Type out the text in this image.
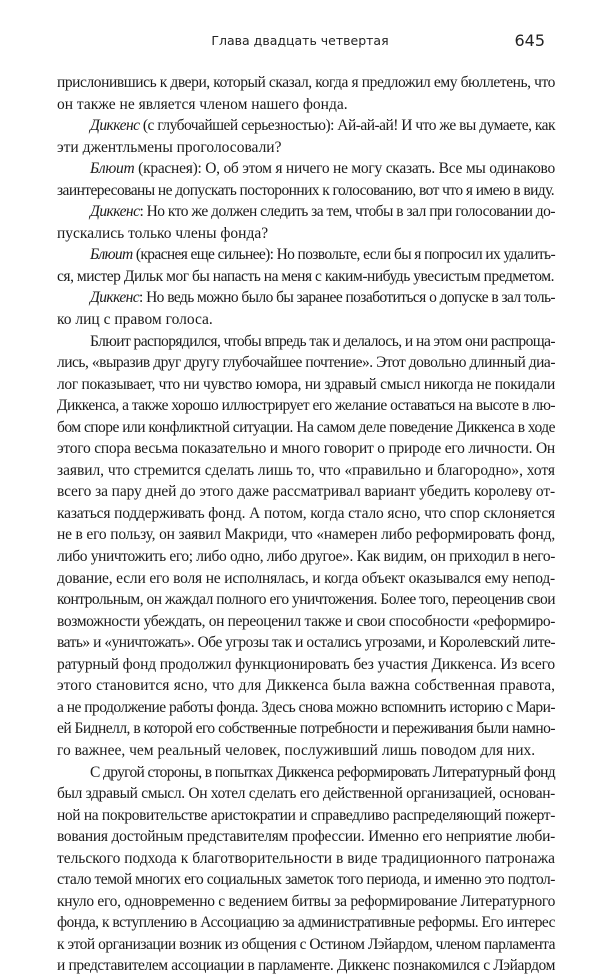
Глава двадцать четвертая	645
прислонившись к двери, который сказал, когда я предложил ему бюллетень, что
он также не является членом нашего фонда.
Диккенс (с глубочайшей серьезностью): Ай-ай-ай! И что же вы думаете, как
эти джентльмены проголосовали?
Блюит (краснея): О, об этом я ничего не могу сказать. Все мы одинаково
заинтересованы не допускать посторонних к голосованию, вот что я имею в виду.
Диккенс: Но кто же должен следить за тем, чтобы в зал при голосовании до-
пускались только члены фонда?
Блюит (краснея еще сильнее): Но позвольте, если бы я попросил их удалить-
ся, мистер Дильк мог бы напасть на меня с каким-нибудь увесистым предметом.
Диккенс: Но ведь можно было бы заранее позаботиться о допуске в зал толь-
ко лиц с правом голоса.
Блюит распорядился, чтобы впредь так и делалось, и на этом они распроща-
лись, «выразив друг другу глубочайшее почтение». Этот довольно длинный диа-
лог показывает, что ни чувство юмора, ни здравый смысл никогда не покидали
Диккенса, а также хорошо иллюстрирует его желание оставаться на высоте в лю-
бом споре или конфликтной ситуации. На самом деле поведение Диккенса в ходе
этого спора весьма показательно и много говорит о природе его личности. Он
заявил, что стремится сделать лишь то, что «правильно и благородно», хотя
всего за пару дней до этого даже рассматривал вариант убедить королеву от-
казаться поддерживать фонд. А потом, когда стало ясно, что спор склоняется
не в его пользу, он заявил Макриди, что «намерен либо реформировать фонд,
либо уничтожить его; либо одно, либо другое». Как видим, он приходил в него-
дование, если его воля не исполнялась, и когда объект оказывался ему непод-
контрольным, он жаждал полного его уничтожения. Более того, переоценив свои
возможности убеждать, он переоценил также и свои способности «реформиро-
вать» и «уничтожать». Обе угрозы так и остались угрозами, и Королевский лите-
ратурный фонд продолжил функционировать без участия Диккенса. Из всего
этого становится ясно, что для Диккенса была важна собственная правота,
а не продолжение работы фонда. Здесь снова можно вспомнить историю с Мари-
ей Биднелл, в которой его собственные потребности и переживания были намно-
го важнее, чем реальный человек, послуживший лишь поводом для них.
С другой стороны, в попытках Диккенса реформировать Литературный фонд
был здравый смысл. Он хотел сделать его действенной организацией, основан-
ной на покровительстве аристократии и справедливо распределяющий пожерт-
вования достойным представителям профессии. Именно его неприятие люби-
тельского подхода к благотворительности в виде традиционного патронажа
стало темой многих его социальных заметок того периода, и именно это подтол-
кнуло его, одновременно с ведением битвы за реформирование Литературного
фонда, к вступлению в Ассоциацию за административные реформы. Его интерес
к этой организации возник из общения с Остином Лэйардом, членом парламента
и представителем ассоциации в парламенте. Диккенс познакомился с Лэйардом
